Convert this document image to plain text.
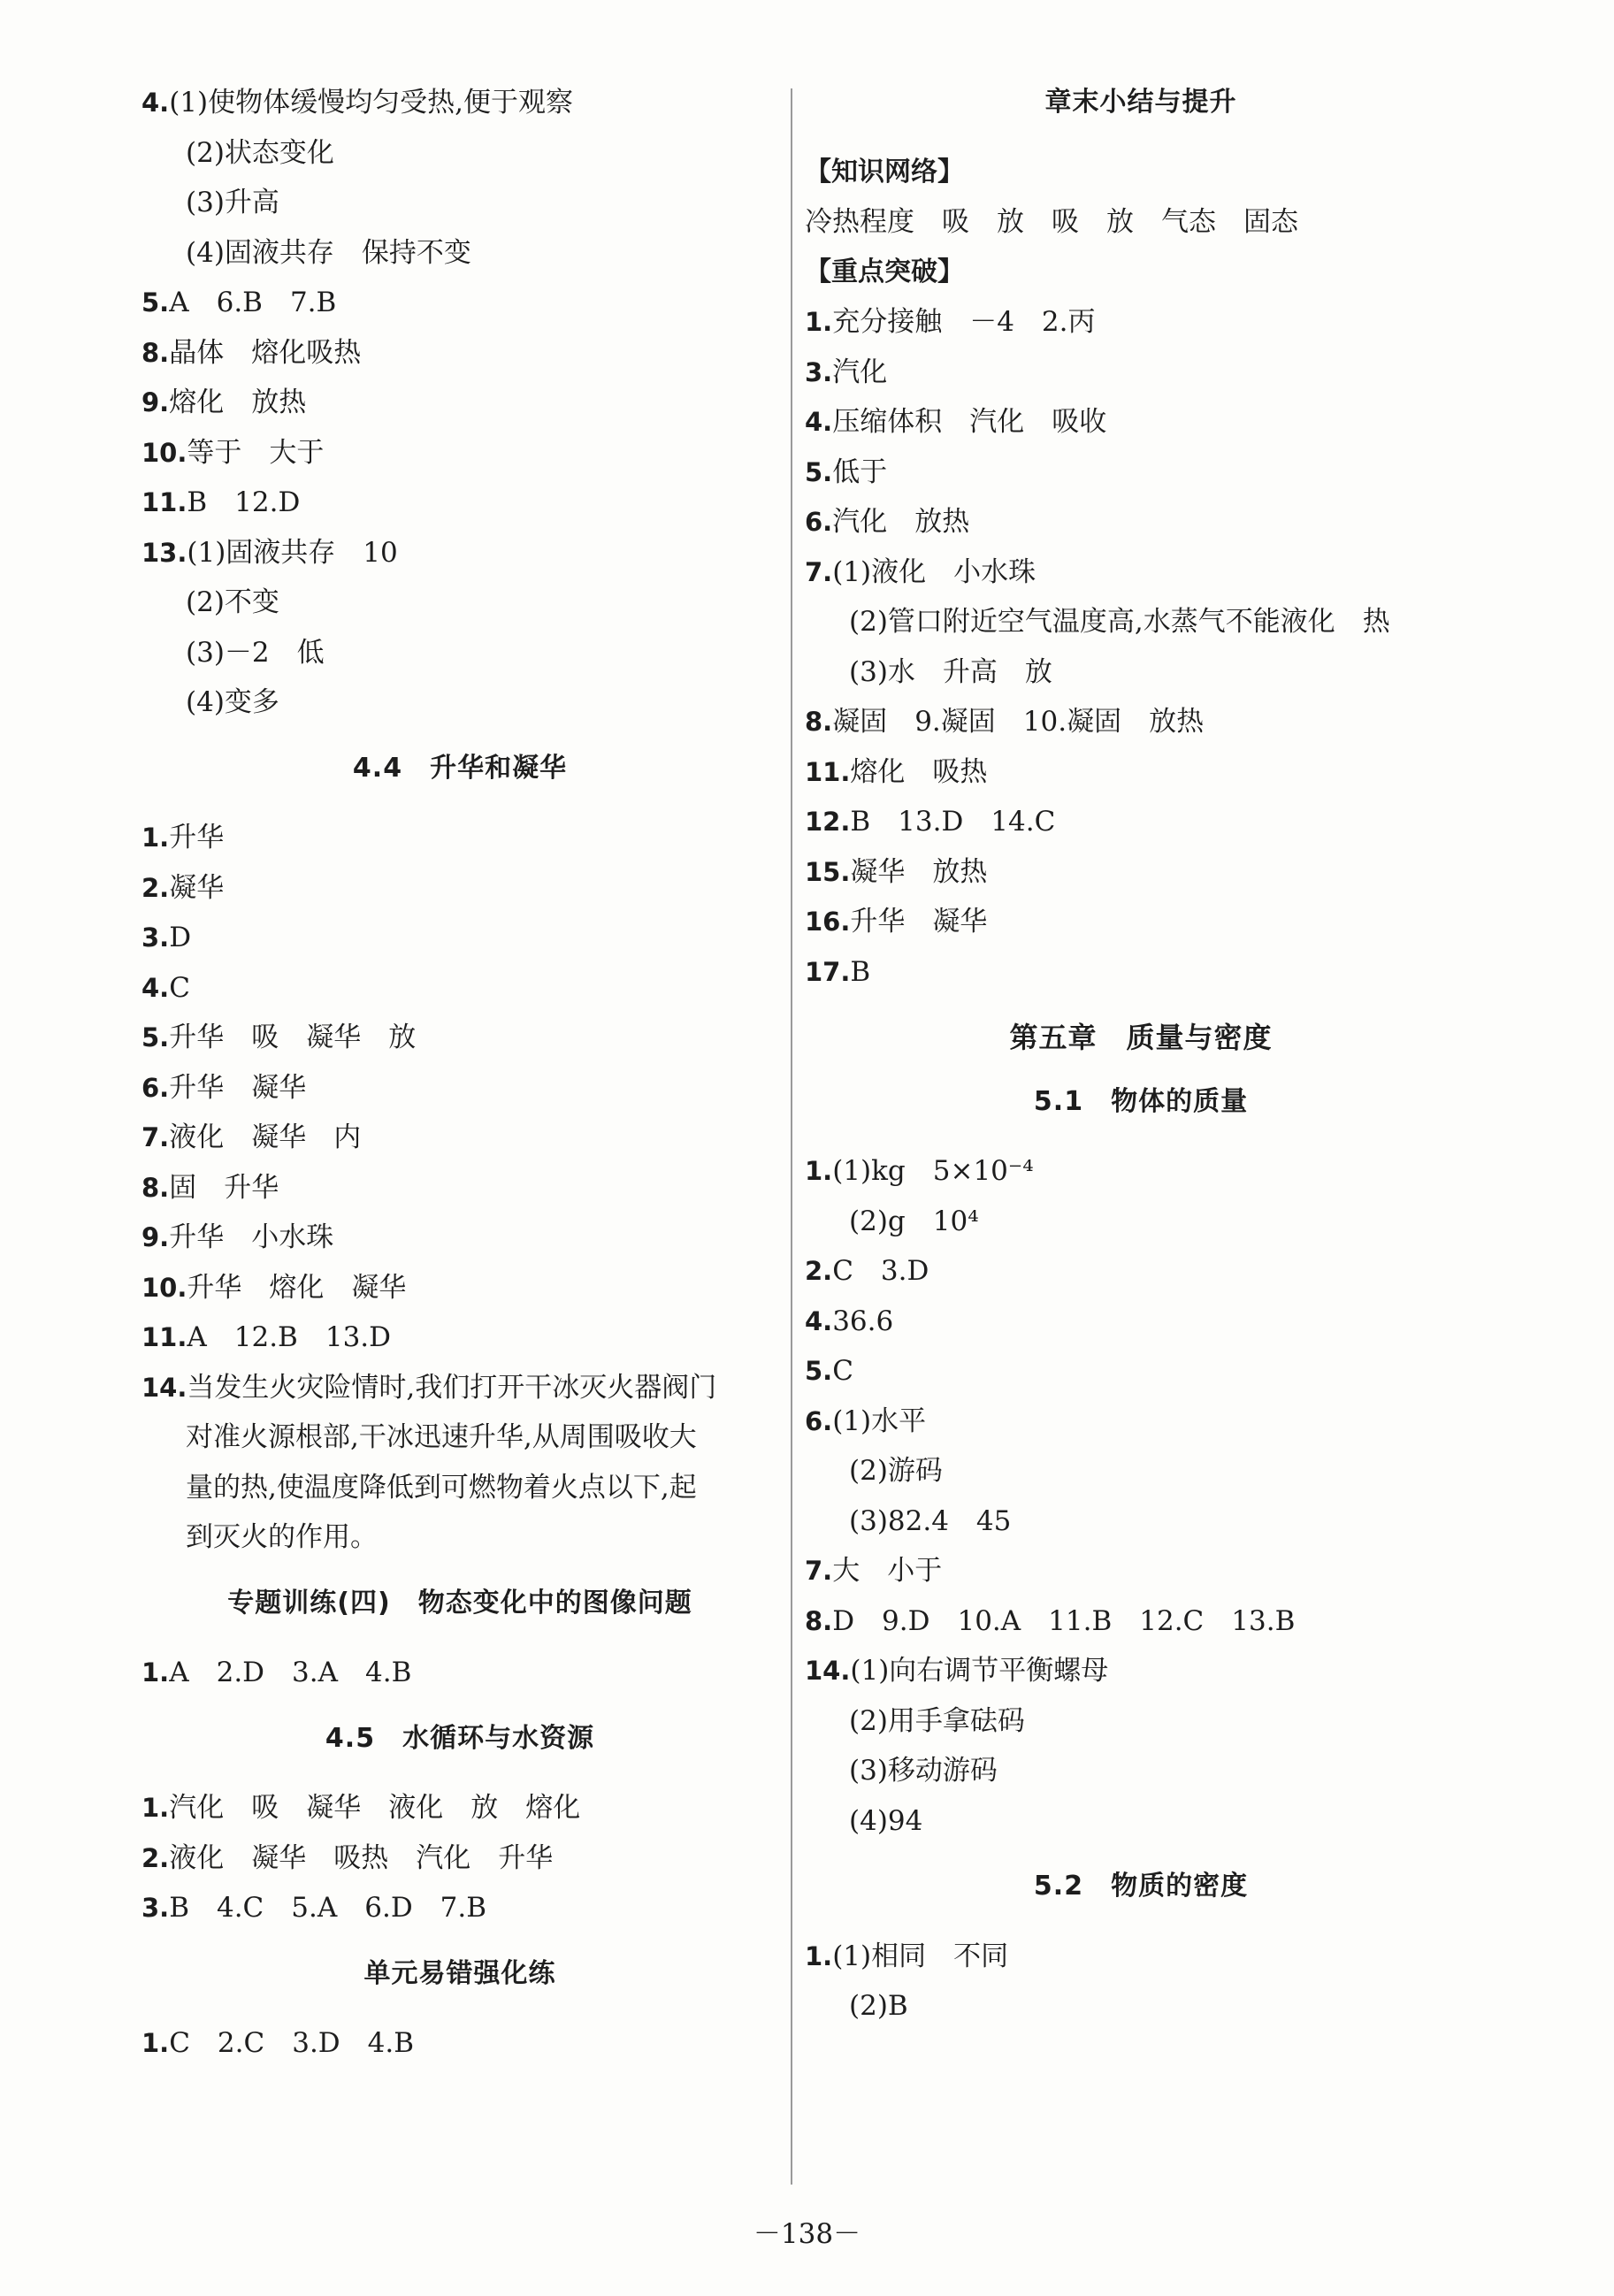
4.(1)使物体缓慢均匀受热,便于观察
(2)状态变化
(3)升高
(4)固液共存　保持不变
5.A　6.B　7.B
8.晶体　熔化吸热
9.熔化　放热
10.等于　大于
11.B　12.D
13.(1)固液共存　10
(2)不变
(3)－2　低
(4)变多
4.4　升华和凝华
1.升华
2.凝华
3.D
4.C
5.升华　吸　凝华　放
6.升华　凝华
7.液化　凝华　内
8.固　升华
9.升华　小水珠
10.升华　熔化　凝华
11.A　12.B　13.D
14.当发生火灾险情时,我们打开干冰灭火器阀门
对准火源根部,干冰迅速升华,从周围吸收大
量的热,使温度降低到可燃物着火点以下,起
到灭火的作用。
专题训练(四)　物态变化中的图像问题
1.A　2.D　3.A　4.B
4.5　水循环与水资源
1.汽化　吸　凝华　液化　放　熔化
2.液化　凝华　吸热　汽化　升华
3.B　4.C　5.A　6.D　7.B
单元易错强化练
1.C　2.C　3.D　4.B
章末小结与提升
【知识网络】
冷热程度　吸　放　吸　放　气态　固态
【重点突破】
1.充分接触　－4　2.丙
3.汽化
4.压缩体积　汽化　吸收
5.低于
6.汽化　放热
7.(1)液化　小水珠
(2)管口附近空气温度高,水蒸气不能液化　热
(3)水　升高　放
8.凝固　9.凝固　10.凝固　放热
11.熔化　吸热
12.B　13.D　14.C
15.凝华　放热
16.升华　凝华
17.B
第五章　质量与密度
5.1　物体的质量
1.(1)kg　5×10⁻⁴
(2)g　10⁴
2.C　3.D
4.36.6
5.C
6.(1)水平
(2)游码
(3)82.4　45
7.大　小于
8.D　9.D　10.A　11.B　12.C　13.B
14.(1)向右调节平衡螺母
(2)用手拿砝码
(3)移动游码
(4)94
5.2　物质的密度
1.(1)相同　不同
(2)B
－138－
